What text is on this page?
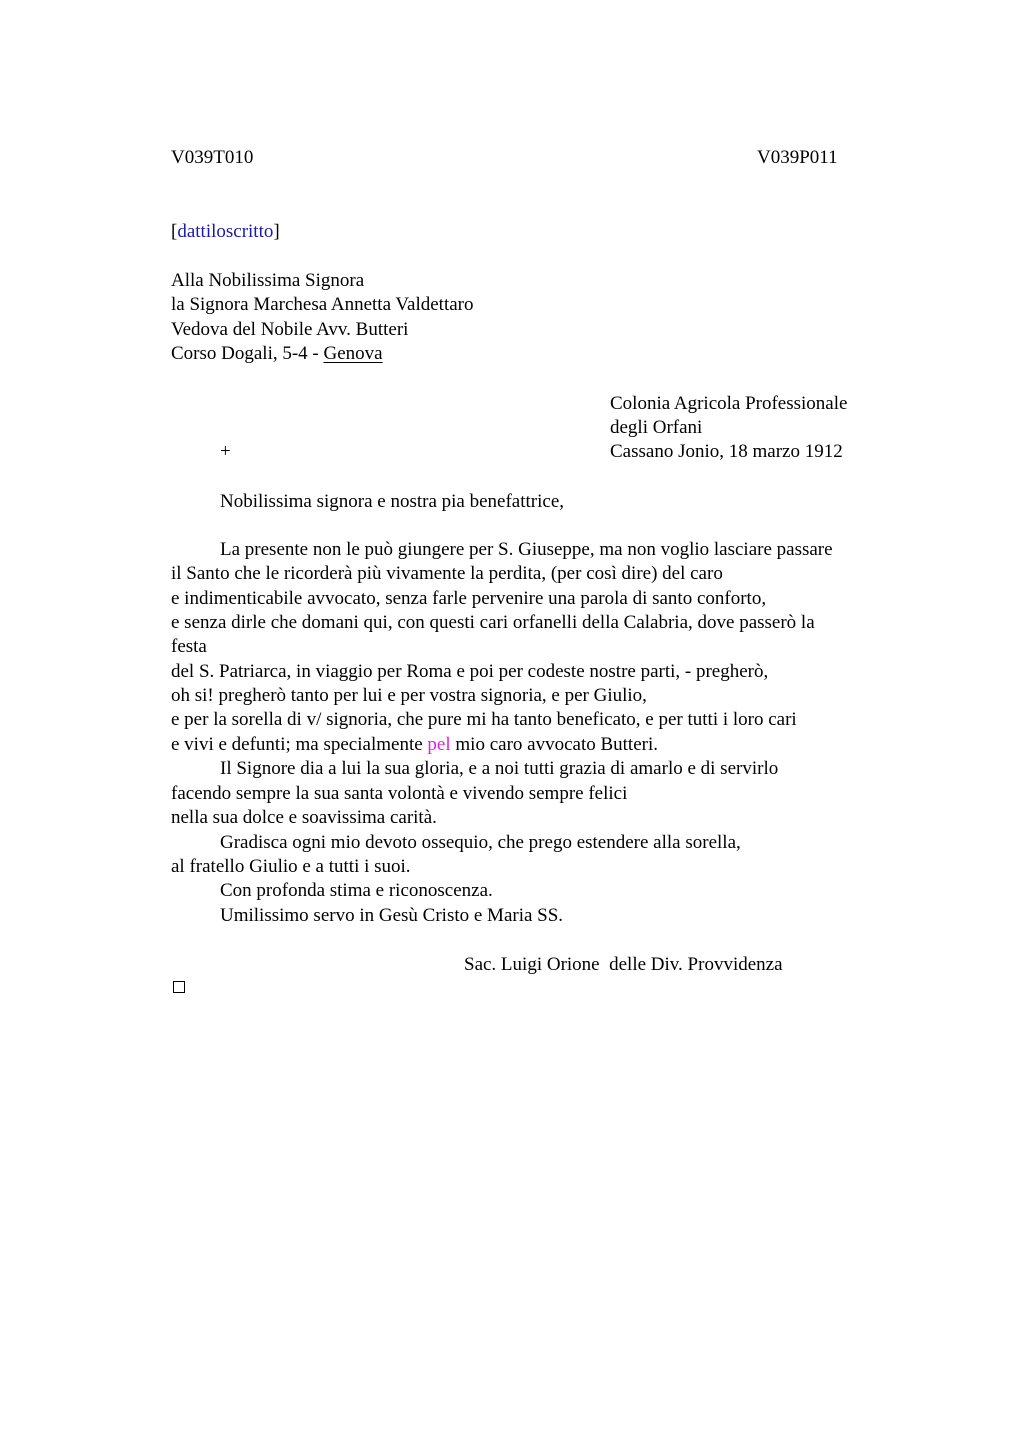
V039T010	V039P011
[dattiloscritto]
Alla Nobilissima Signora
la Signora Marchesa Annetta Valdettaro
Vedova del Nobile Avv. Butteri
Corso Dogali, 5-4 - Genova
Colonia Agricola Professionale
degli Orfani
+	Cassano Jonio, 18 marzo 1912
Nobilissima signora e nostra pia benefattrice,
La presente non le può giungere per S. Giuseppe, ma non voglio lasciare passare
il Santo che le ricorderà più vivamente la perdita, (per così dire) del caro
e indimenticabile avvocato, senza farle pervenire una parola di santo conforto,
e senza dirle che domani qui, con questi cari orfanelli della Calabria, dove passerò la
festa
del S. Patriarca, in viaggio per Roma e poi per codeste nostre parti, - pregherò,
oh si! pregherò tanto per lui e per vostra signoria, e per Giulio,
e per la sorella di v/ signoria, che pure mi ha tanto beneficato, e per tutti i loro cari
e vivi e defunti; ma specialmente pel mio caro avvocato Butteri.
Il Signore dia a lui la sua gloria, e a noi tutti grazia di amarlo e di servirlo
facendo sempre la sua santa volontà e vivendo sempre felici
nella sua dolce e soavissima carità.
Gradisca ogni mio devoto ossequio, che prego estendere alla sorella,
al fratello Giulio e a tutti i suoi.
Con profonda stima e riconoscenza.
Umilissimo servo in Gesù Cristo e Maria SS.
Sac. Luigi Orione  delle Div. Provvidenza
